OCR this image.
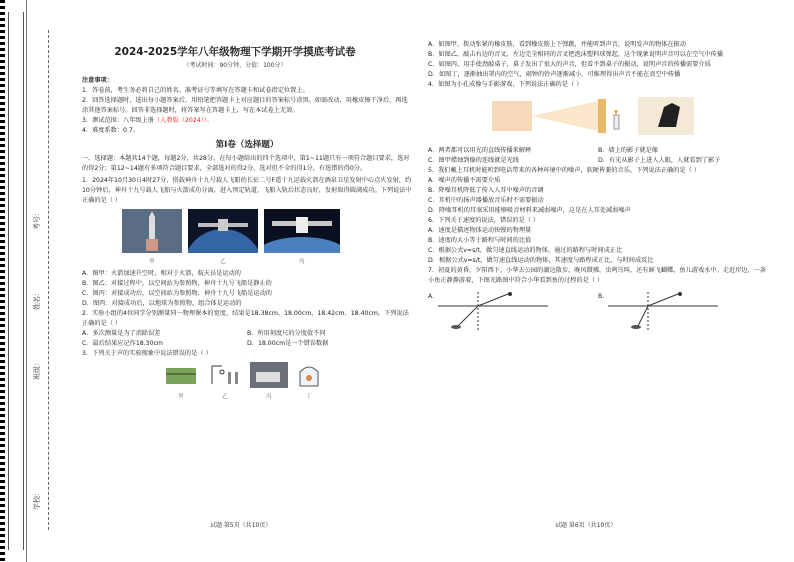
学校：
班级：
姓名：
考号：
2024-2025学年八年级物理下学期开学摸底考试卷
（考试时间：90分钟，分值：100分）

注意事项：

1．答卷前，考生务必将自己的姓名、准考证号等填写在答题卡和试卷指定位置上。

2．回答选择题时，选出每小题答案后，用铅笔把答题卡上对应题目的答案标号涂黑。如需改动，用橡皮擦干净后，再选涂其他答案标号。回答非选择题时，将答案写在答题卡上，写在本试卷上无效。

3．测试范围：八年级上册（人教版（2024））。

4．难度系数：0.7。

第Ⅰ卷（选择题）

一、选择题：本题共14个题，每题2分，共28分。在每小题给出的四个选项中，第1~11题只有一项符合题目要求，选对的得2分；第12~14题有多项符合题目要求，全部选对的得2分，选对但不全的得1分，有选错的得0分。

1．2024年10月30日4时27分，搭载神舟十九号载人飞船的长征二号F遥十九运载火箭在酒泉卫星发射中心点火发射，约10分钟后，神舟十九号载人飞船与火箭成功分离，进入预定轨道，飞船入轨后状态良好，发射取得圆满成功。下列说法中正确的是（ ）

甲	乙	丙

A．图甲：火箭加速升空时，相对于火箭，航天员是运动的

B．图乙：对接过程中，以空间站为参照物，神舟十九号飞船是静止的

C．图丙：对接成功后，以空间站为参照物，神舟十九号飞船是运动的

D．图丙：对接成功后，以地球为参照物，组合体是运动的

2．实验小组的4位同学分别测量同一物理课本的宽度，结果是18.38cm、18.00cm、18.42cm、18.40cm，下列说法正确的是（ ）

A．多次测量是为了消除误差	B．所用刻度尺的分度值不同
C．最后结果应记作18.30cm	D．18.00cm是一个错误数据

3．下列关于声的实验现象中说法错误的是（ ）

甲	乙	丙	丁

A．如图甲，拨动张紧的橡皮筋，看到橡皮筋上下弹跳，并能听到声音，说明发声的物体在振动

B．如图乙，敲击右边的音叉，左边完全相同的音叉把泡沫塑料球弹起，这个现象说明声音可以在空气中传播

C．如图丙，用手使劲敲桌子，桌子发出了很大的声音，但看不到桌子的振动，说明声音的传播需要介质

D．如图丁，逐渐抽出罩内的空气，闹钟的铃声逐渐减小，可推理得出声音不能在真空中传播

4．如图为小孔成像与手影游戏，下列说法正确的是（ ）

A．两者都可以用光的直线传播来解释	B．墙上的影子就是像
C．图甲蜡烛到像的连线就是光线	D．有光从影子上进入人眼，人就看到了影子

5．我们戴上耳机时能听到电话带来的各种环境中的噪声，软硬皆兼的音乐，下列说法正确的是（ ）

A．噪声的传播不需要介质

B．降噪耳机降低了传入人耳中噪声的音调

C．耳机中的扬声器播放音乐时不需要振动

D．降噪耳机的耳塞采用能够吸音材料来减弱噪声，这是在人耳处减弱噪声

6．下列关于速度的说法，错误的是（ ）

A．速度是描述物体运动快慢的物理量

B．速度的大小等于路程与时间的比值

C．根据公式v=s/t，做匀速直线运动的物体，通过的路程与时间成正比

D．根据公式v=s/t，做匀速直线运动的物体，其速度与路程成正比，与时间成反比

7．初夏的黄昏，夕阳西下，小华去公园的湖边散步，晚风微拂，虫鸣鸟叫，还有鲜飞蝴蝶，鱼儿游戏水中。走近岸边，一条小鱼正静静游着，下图光路图中符合小华看到鱼的过程的是（ ）

A．	B．
试题 第5页（共10页）	试题 第6页（共10页）
